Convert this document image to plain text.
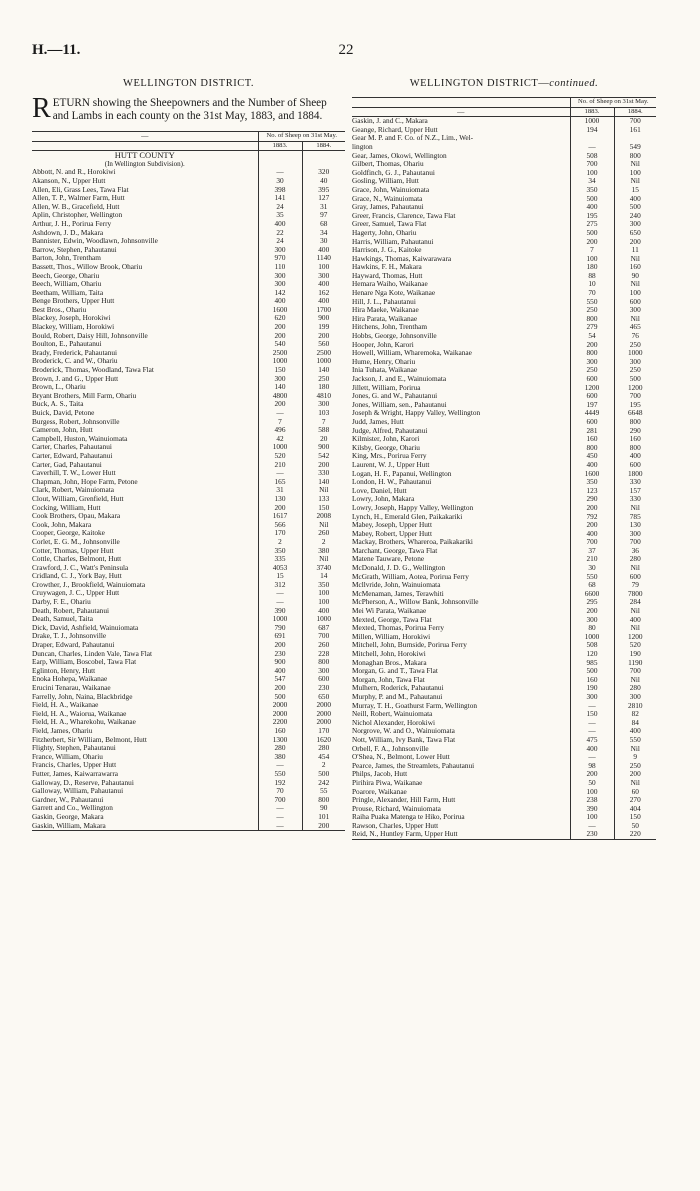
H.—11.	22
WELLINGTON DISTRICT.
R ETURN showing the Sheepowners and the Number of Sheep and Lambs in each county on the 31st May, 1883, and 1884.
—	No. of Sheep on 31st May.	
	1883.	1884.
HUTT COUNTY		
(In Wellington Subdivision).		
Abbott, N. and R., Horokiwi	—	320
Akanson, N., Upper Hutt	30	40
Allen, Eli, Grass Lees, Tawa Flat	398	395
Allen, T. P., Walmer Farm, Hutt	141	127
Allen, W. B., Gracefield, Hutt	24	31
Aplin, Christopher, Wellington	35	97
Arthur, J. H., Porirua Ferry	400	68
Ashdown, J. D., Makara	22	34
Bannister, Edwin, Woodlawn, Johnsonville	24	30
Barrow, Stephen, Pahautanui	300	400
Barton, John, Trentham	970	1140
Bassett, Thos., Willow Brook, Ohariu	110	100
Beech, George, Ohariu	300	300
Beech, William, Ohariu	300	400
Beetham, William, Taita	142	162
Benge Brothers, Upper Hutt	400	400
Best Bros., Ohariu	1600	1700
Blackey, Joseph, Horokiwi	620	900
Blackey, William, Horokiwi	200	199
Bould, Robert, Daisy Hill, Johnsonville	200	200
Boulton, E., Pahautanui	540	560
Brady, Frederick, Pahautanui	2500	2500
Broderick, C. and W., Ohariu	1000	1000
Broderick, Thomas, Woodland, Tawa Flat	150	140
Brown, J. and G., Upper Hutt	300	250
Brown, L., Ohariu	140	180
Bryant Brothers, Mill Farm, Ohariu	4800	4810
Buck, A. S., Taita	200	300
Buick, David, Petone	—	103
Burgess, Robert, Johnsonville	7	7
Cameron, John, Hutt	496	588
Campbell, Huston, Wainuiomata	42	20
Carter, Charles, Pahautanui	1000	900
Carter, Edward, Pahautanui	520	542
Carter, Gad, Pahautanui	210	200
Caverhill, T. W., Lower Hutt	—	330
Chapman, John, Hope Farm, Petone	165	140
Clark, Robert, Wainuiomata	31	Nil
Clout, William, Grenfield, Hutt	130	133
Cocking, William, Hutt	200	150
Cook Brothers, Opau, Makara	1617	2008
Cook, John, Makara	566	Nil
Cooper, George, Kaitoke	170	260
Corlet, E. G. M., Johnsonville	2	2
Cotter, Thomas, Upper Hutt	350	380
Cottle, Charles, Belmont, Hutt	335	Nil
Crawford, J. C., Watt's Peninsula	4053	3740
Cridland, C. J., York Bay, Hutt	15	14
Crowther, J., Brookfield, Wainuiomata	312	350
Cruywagen, J. C., Upper Hutt	—	100
Darby, F. E., Ohariu	—	100
Death, Robert, Pahautanui	390	400
Death, Samuel, Taita	1000	1000
Dick, David, Ashfield, Wainuiomata	790	687
Drake, T. J., Johnsonville	691	700
Draper, Edward, Pahautanui	200	260
Duncan, Charles, Linden Vale, Tawa Flat	230	228
Earp, William, Boscobel, Tawa Flat	900	800
Eglinton, Henry, Hutt	400	300
Enoka Hohepa, Waikanae	547	600
Erucini Tenarau, Waikanae	200	230
Farrelly, John, Naina, Blackbridge	500	650
Field, H. A., Waikanae	2000	2000
Field, H. A., Waiorua, Waikanae	2000	2000
Field, H. A., Wharekohu, Waikanae	2200	2000
Field, James, Ohariu	160	170
Fitzherbert, Sir William, Belmont, Hutt	1300	1620
Flighty, Stephen, Pahautanui	280	280
France, William, Ohariu	380	454
Francis, Charles, Upper Hutt	—	2
Futter, James, Kaiwarrawarra	550	500
Galloway, D., Reserve, Pahautanui	192	242
Galloway, William, Pahautanui	70	55
Gardner, W., Pahautanui	700	800
Garrett and Co., Wellington	—	90
Gaskin, George, Makara	—	101
Gaskin, William, Makara	—	200

WELLINGTON DISTRICT—continued.
	No. of Sheep on 31st May.	
—	1883.	1884.
Gaskin, J. and C., Makara	1000	700
Geange, Richard, Upper Hutt	194	161
Gear M. P. and F. Co. of N.Z., Lim., Wel-		
lington	—	549
Gear, James, Okowi, Wellington	508	800
Gilbert, Thomas, Ohariu	700	Nil
Goldfinch, G. J., Pahautanui	100	100
Gosling, William, Hutt	34	Nil
Grace, John, Wainuiomata	350	15
Grace, N., Wainuiomata	500	400
Gray, James, Pahautanui	400	500
Greer, Francis, Clarence, Tawa Flat	195	240
Greer, Samuel, Tawa Flat	275	300
Hagerty, John, Ohariu	500	650
Harris, William, Pahautanui	200	200
Harrison, J. G., Kaitoke	7	11
Hawkings, Thomas, Kaiwarawara	100	Nil
Hawkins, F. H., Makara	180	160
Hayward, Thomas, Hutt	88	90
Hemara Waiho, Waikanae	10	Nil
Henare Nga Kote, Waikanae	70	100
Hill, J. L., Pahautanui	550	600
Hira Maeke, Waikanae	250	300
Hira Parata, Waikanae	800	Nil
Hitchens, John, Trentham	279	465
Hobbs, George, Johnsonville	54	76
Hooper, John, Karori	200	250
Howell, William, Wharemoka, Waikanae	800	1000
Hume, Henry, Ohariu	300	300
Inia Tuhata, Waikanae	250	250
Jackson, J. and E., Wainuiomata	600	500
Jillett, William, Porirua	1200	1200
Jones, G. and W., Pahautanui	600	700
Jones, William, sen., Pahautanui	197	195
Joseph & Wright, Happy Valley, Wellington	4449	6648
Judd, James, Hutt	600	800
Judge, Alfred, Pahautanui	281	290
Kilmister, John, Karori	160	160
Kilsby, George, Ohariu	800	800
King, Mrs., Porirua Ferry	450	400
Laurent, W. J., Upper Hutt	400	600
Logan, H. F., Papanui, Wellington	1600	1800
London, H. W., Pahautanui	350	330
Love, Daniel, Hutt	123	157
Lowry, John, Makara	290	330
Lowry, Joseph, Happy Valley, Wellington	200	Nil
Lynch, H., Emerald Glen, Paikakariki	792	785
Mabey, Joseph, Upper Hutt	200	130
Mabey, Robert, Upper Hutt	400	300
Mackay, Brothers, Whareroa, Paikakariki	700	700
Marchant, George, Tawa Flat	37	36
Matene Tauware, Petone	210	280
McDonald, J. D. G., Wellington	30	Nil
McGrath, William, Aotea, Porirua Ferry	550	600
Mcllvride, John, Wainuiomata	68	79
McMenaman, James, Terawhiti	6600	7800
McPherson, A., Willow Bank, Johnsonville	295	284
Mei Wi Parata, Waikanae	200	Nil
Mexted, George, Tawa Flat	300	400
Mexted, Thomas, Porirua Ferry	80	Nil
Millen, William, Horokiwi	1000	1200
Mitchell, John, Burnside, Porirua Ferry	508	520
Mitchell, John, Horokiwi	120	190
Monaghan Bros., Makara	985	1190
Morgan, G. and T., Tawa Flat	500	700
Morgan, John, Tawa Flat	160	Nil
Mulhern, Roderick, Pahautanui	190	280
Murphy, P. and M., Pahautanui	300	300
Murray, T. H., Goathurst Farm, Wellington	—	2810
Neill, Robert, Wainuiomata	150	82
Nichol Alexander, Horokiwi	—	84
Norgrove, W. and O., Wainuiomata	—	400
Nott, William, Ivy Bank, Tawa Flat	475	550
Orbell, F. A., Johnsonville	400	Nil
O'Shea, N., Belmont, Lower Hutt	—	9
Pearce, James, the Streamlets, Pahautanui	98	250
Philps, Jacob, Hutt	200	200
Pirihira Piwa, Waikanae	50	Nil
Poarore, Waikanae	100	60
Pringle, Alexander, Hill Farm, Hutt	238	270
Prouse, Richard, Wainuiomata	390	404
Raiha Puaka Matenga te Hiko, Porirua	100	150
Rawson, Charles, Upper Hutt	—	50
Reid, N., Huntley Farm, Upper Hutt	230	220
